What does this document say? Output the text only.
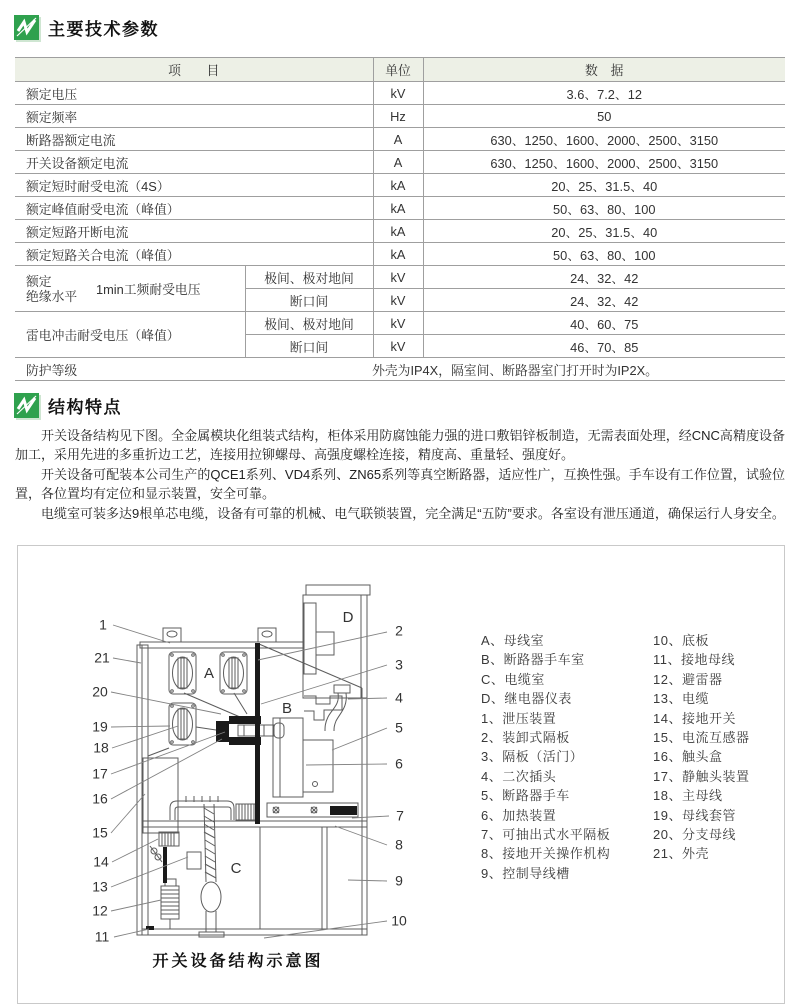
主要技术参数
项　　目		单位	数　据
额定电压		kV	3.6、7.2、12
额定频率		Hz	50
断路器额定电流		A	630、1250、1600、2000、2500、3150
开关设备额定电流		A	630、1250、1600、2000、2500、3150
额定短时耐受电流（4S）		kA	20、25、31.5、40
额定峰值耐受电流（峰值）		kA	50、63、80、100
额定短路开断电流		kA	20、25、31.5、40
额定短路关合电流（峰值）		kA	50、63、80、100

额定
绝缘水平 1min工频耐受电压	极间、极对地间	kV	24、32、42
	断口间	kV	24、32、42
雷电冲击耐受电压（峰值）	极间、极对地间	kV	40、60、75
	断口间	kV	46、70、85
防护等级	外壳为IP4X，隔室间、断路器室门打开时为IP2X。		
结构特点

开关设备结构见下图。全金属模块化组装式结构，柜体采用防腐蚀能力强的进口敷铝锌板制造，无需表面处理，经CNC高精度设备加工，采用先进的多重折边工艺，连接用拉铆螺母、高强度螺栓连接，精度高、重量轻、强度好。

开关设备可配装本公司生产的QCE1系列、VD4系列、ZN65系列等真空断路器，适应性广，互换性强。手车设有工作位置，试验位置，各位置均有定位和显示装置，安全可靠。

电缆室可装多达9根单芯电缆，设备有可靠的机械、电气联锁装置，完全满足“五防”要求。各室设有泄压通道，确保运行人身安全。

1
21
20
19
18
17
16
15
14
13
12
11
2
3
4
5
6
7
8
9
10
A
B
C
D
A、母线室
B、断路器手车室
C、电缆室
D、继电器仪表
1、泄压装置
2、装卸式隔板
3、隔板（活门）
4、二次插头
5、断路器手车
6、加热装置
7、可抽出式水平隔板
8、接地开关操作机构
9、控制导线槽
10、底板
11、接地母线
12、避雷器
13、电缆
14、接地开关
15、电流互感器
16、触头盒
17、静触头装置
18、主母线
19、母线套管
20、分支母线
21、外壳
开关设备结构示意图
